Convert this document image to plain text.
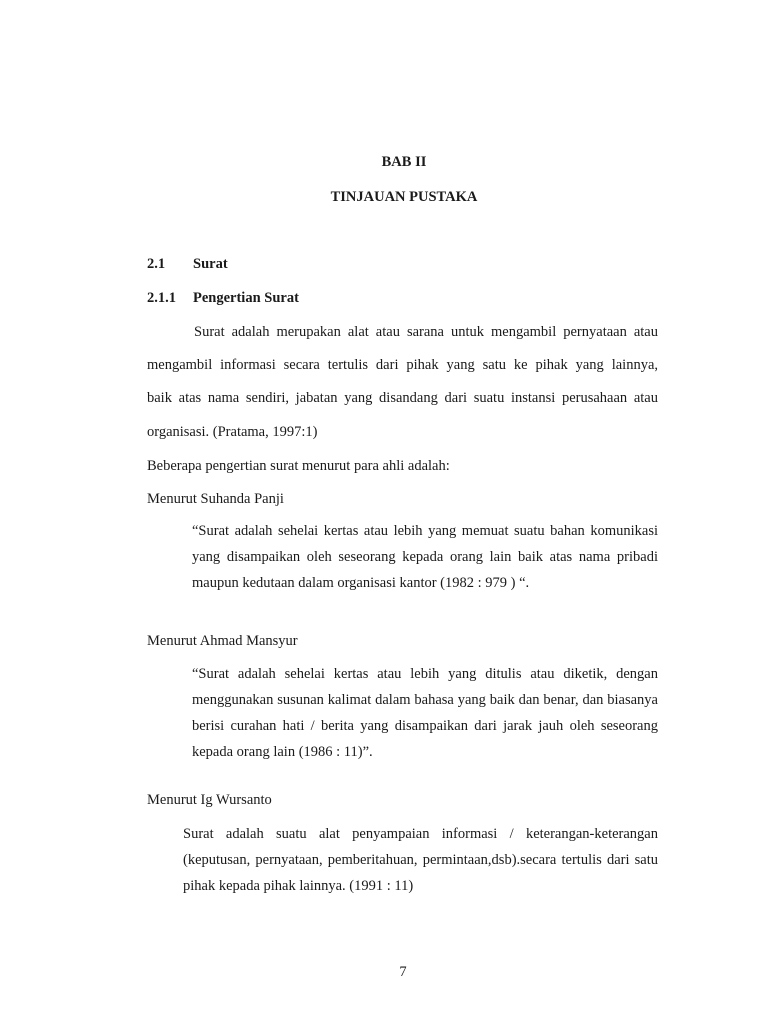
BAB II
TINJAUAN PUSTAKA
2.1 Surat
2.1.1 Pengertian Surat
Surat adalah merupakan alat atau sarana untuk mengambil pernyataan atau
mengambil informasi secara tertulis dari pihak yang satu ke pihak yang lainnya,
baik atas nama sendiri, jabatan yang disandang dari suatu instansi perusahaan atau
organisasi. (Pratama, 1997:1)
Beberapa pengertian surat menurut para ahli adalah:
Menurut Suhanda Panji
“Surat adalah sehelai kertas atau lebih yang memuat suatu bahan komunikasi yang disampaikan oleh seseorang kepada orang lain baik atas nama pribadi maupun kedutaan dalam organisasi kantor (1982 : 979 ) “.
Menurut Ahmad Mansyur
“Surat adalah sehelai kertas atau lebih yang ditulis atau diketik, dengan menggunakan susunan kalimat dalam bahasa yang baik dan benar, dan biasanya berisi curahan hati / berita yang disampaikan dari jarak jauh oleh seseorang kepada orang lain (1986 : 11)”.
Menurut Ig Wursanto
Surat adalah suatu alat penyampaian informasi / keterangan-keterangan (keputusan, pernyataan, pemberitahuan, permintaan,dsb).secara tertulis dari satu pihak kepada pihak lainnya. (1991 : 11)
7
